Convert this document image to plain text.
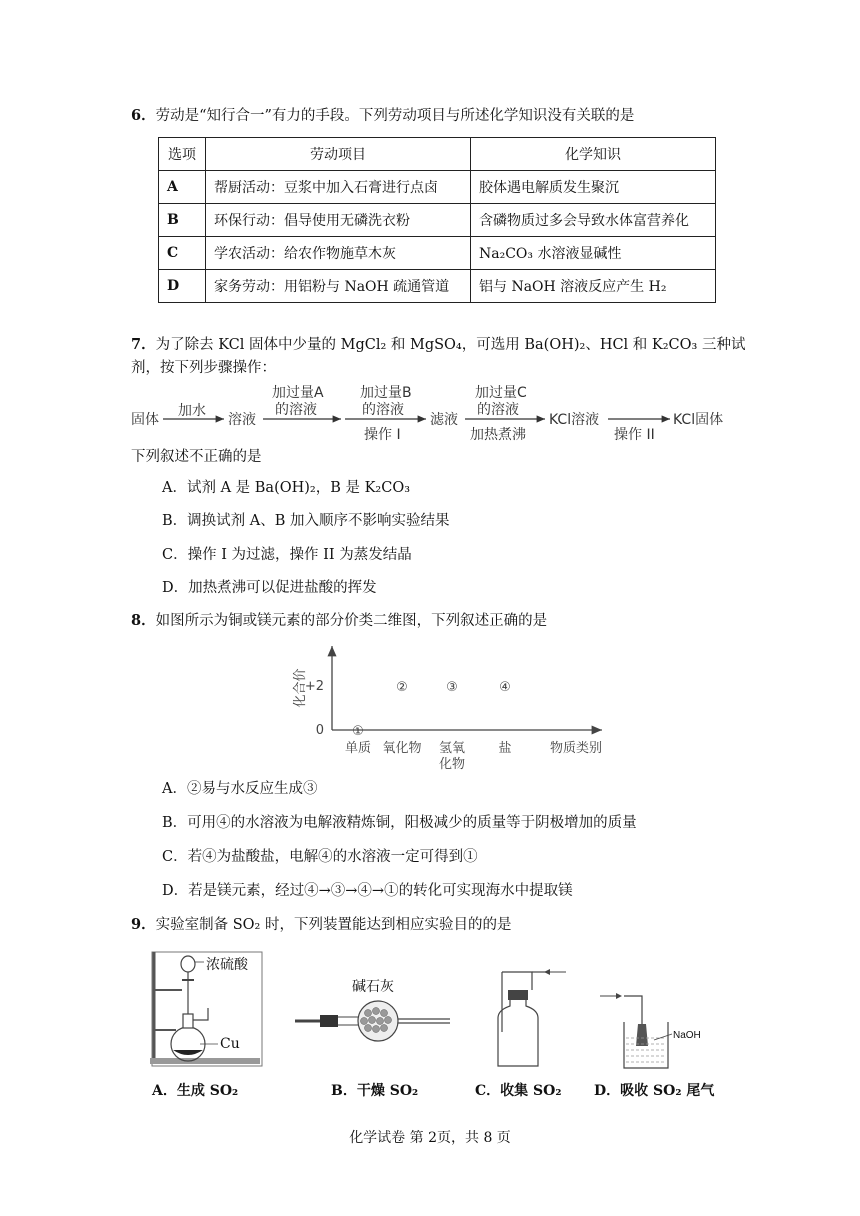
6．劳动是“知行合一”有力的手段。下列劳动项目与所述化学知识没有关联的是
选项	劳动项目	化学知识
A	帮厨活动：豆浆中加入石膏进行点卤	胶体遇电解质发生聚沉
B	环保行动：倡导使用无磷洗衣粉	含磷物质过多会导致水体富营养化
C	学农活动：给农作物施草木灰	Na₂CO₃ 水溶液显碱性
D	家务劳动：用铝粉与 NaOH 疏通管道	铝与 NaOH 溶液反应产生 H₂
7．为了除去 KCl 固体中少量的 MgCl₂ 和 MgSO₄，可选用 Ba(OH)₂、HCl 和 K₂CO₃ 三种试
剂，按下列步骤操作：
固体
加水
溶液
加过量A
的溶液
加过量B
的溶液
操作 I
滤液
加过量C
的溶液
加热煮沸
KCl溶液
操作 II
KCl固体
下列叙述不正确的是
A．试剂 A 是 Ba(OH)₂，B 是 K₂CO₃
B．调换试剂 A、B 加入顺序不影响实验结果
C．操作 I 为过滤，操作 II 为蒸发结晶
D．加热煮沸可以促进盐酸的挥发
8．如图所示为铜或镁元素的部分价类二维图，下列叙述正确的是
化合价
0
+2
单质 氧化物 氢氧
化物
盐	物质类别
①
②	③	④
A．②易与水反应生成③
B．可用④的水溶液为电解液精炼铜，阳极减少的质量等于阴极增加的质量
C．若④为盐酸盐，电解④的水溶液一定可得到①
D．若是镁元素，经过④→③→④→①的转化可实现海水中提取镁
9．实验室制备 SO₂ 时，下列装置能达到相应实验目的的是
浓硫酸
Cu
碱石灰
NaOH
A．生成 SO₂	B．干燥 SO₂	C．收集 SO₂ D．吸收 SO₂ 尾气
化学试卷 第 2页，共 8 页
